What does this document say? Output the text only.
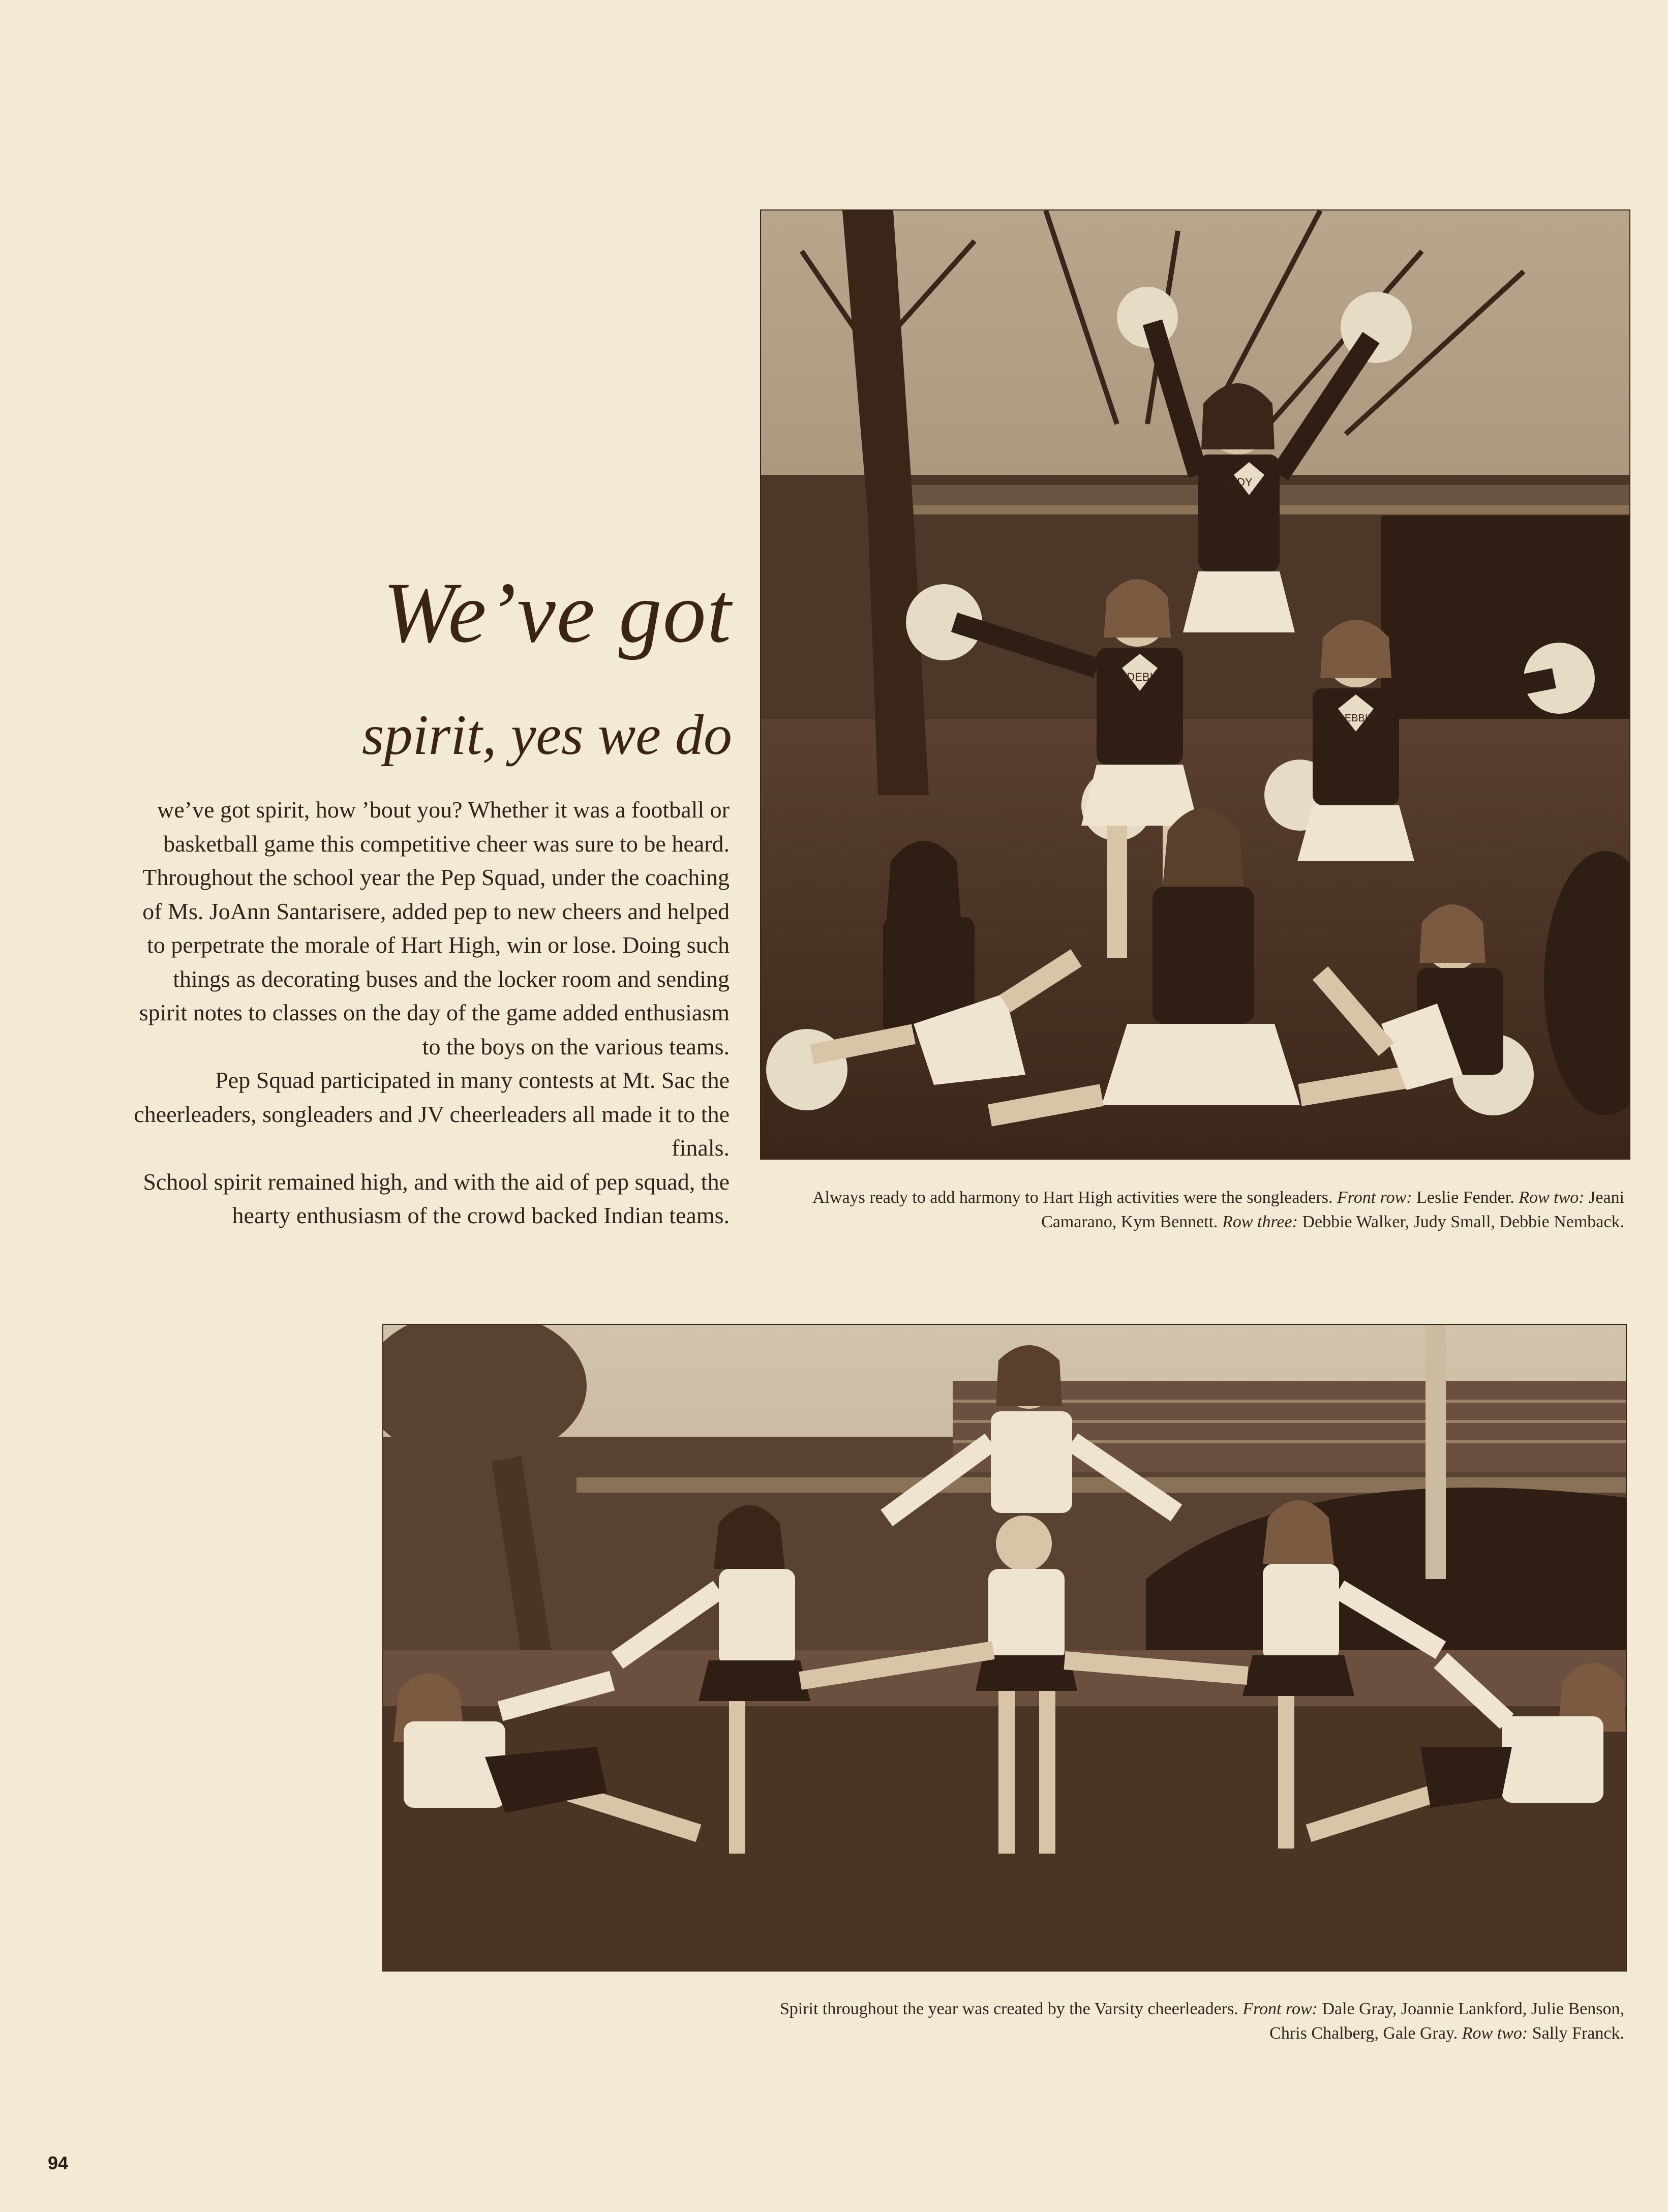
JUDY
DEBI
DEBBIE
We’ve got
spirit, yes we do

we’ve got spirit, how ’bout you? Whether it was a football or basketball game this competitive cheer was sure to be heard. Throughout the school year the Pep Squad, under the coaching of Ms. JoAnn Santarisere, added pep to new cheers and helped to perpetrate the morale of Hart High, win or lose. Doing such things as decorating buses and the locker room and sending spirit notes to classes on the day of the game added enthusiasm to the boys on the various teams.

Pep Squad participated in many contests at Mt. Sac the cheerleaders, songleaders and JV cheerleaders all made it to the finals.

School spirit remained high, and with the aid of pep squad, the hearty enthusiasm of the crowd backed Indian teams.

Always ready to add harmony to Hart High activities were the songleaders. Front row: Leslie Fender. Row two: Jeani Camarano, Kym Bennett. Row three: Debbie Walker, Judy Small, Debbie Nemback.
Spirit throughout the year was created by the Varsity cheerleaders. Front row: Dale Gray, Joannie Lankford, Julie Benson, Chris Chalberg, Gale Gray. Row two: Sally Franck.
94
